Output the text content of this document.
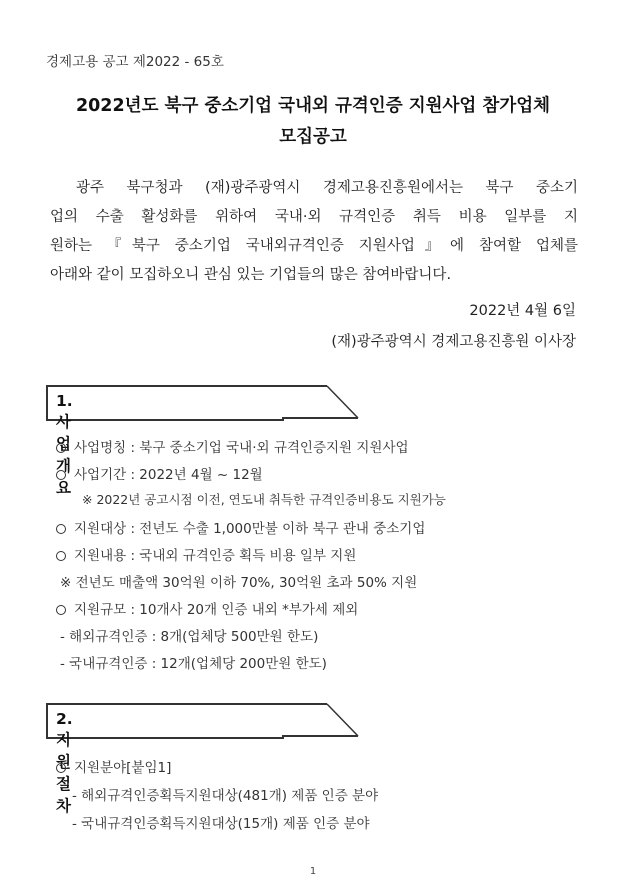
경제고용 공고 제2022 - 65호
2022년도 북구 중소기업 국내외 규격인증 지원사업 참가업체
모집공고
광주 북구청과 (재)광주광역시 경제고용진흥원에서는 북구 중소기
업의 수출 활성화를 위하여 국내·외 규격인증 취득 비용 일부를 지
원하는 『북구 중소기업 국내외규격인증 지원사업』에 참여할 업체를
아래와 같이 모집하오니 관심 있는 기업들의 많은 참여바랍니다.
2022년 4월 6일
(재)광주광역시 경제고용진흥원 이사장
1. 사업개요
사업명칭 : 북구 중소기업 국내·외 규격인증지원 지원사업
사업기간 : 2022년 4월 ~ 12월
※ 2022년 공고시점 이전, 연도내 취득한 규격인증비용도 지원가능
지원대상 : 전년도 수출 1,000만불 이하 북구 관내 중소기업
지원내용 : 국내외 규격인증 획득 비용 일부 지원
※ 전년도 매출액 30억원 이하 70%, 30억원 초과 50% 지원
지원규모 : 10개사 20개 인증 내외 *부가세 제외
- 해외규격인증 : 8개(업체당 500만원 한도)
- 국내규격인증 : 12개(업체당 200만원 한도)
2. 지원절차
지원분야[붙임1]
- 해외규격인증획득지원대상(481개) 제품 인증 분야
- 국내규격인증획득지원대상(15개) 제품 인증 분야
1
